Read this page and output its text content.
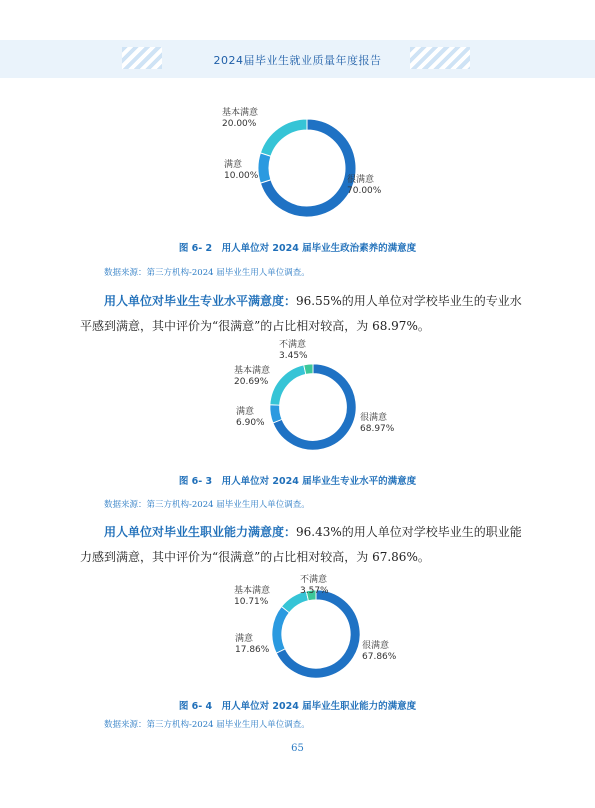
2024届毕业生就业质量年度报告
很满意
70.00%
满意
10.00%
基本满意
20.00%
图 6- 2　用人单位对 2024 届毕业生政治素养的满意度
数据来源：第三方机构-2024 届毕业生用人单位调查。
用人单位对毕业生专业水平满意度：96.55%的用人单位对学校毕业生的专业水
平感到满意，其中评价为“很满意”的占比相对较高，为 68.97%。
很满意
68.97%
满意
6.90%
基本满意
20.69%
不满意
3.45%
图 6- 3　用人单位对 2024 届毕业生专业水平的满意度
数据来源：第三方机构-2024 届毕业生用人单位调查。
用人单位对毕业生职业能力满意度：96.43%的用人单位对学校毕业生的职业能
力感到满意，其中评价为“很满意”的占比相对较高，为 67.86%。
很满意
67.86%
满意
17.86%
基本满意
10.71%
不满意
3.57%
图 6- 4　用人单位对 2024 届毕业生职业能力的满意度
数据来源：第三方机构-2024 届毕业生用人单位调查。
65
